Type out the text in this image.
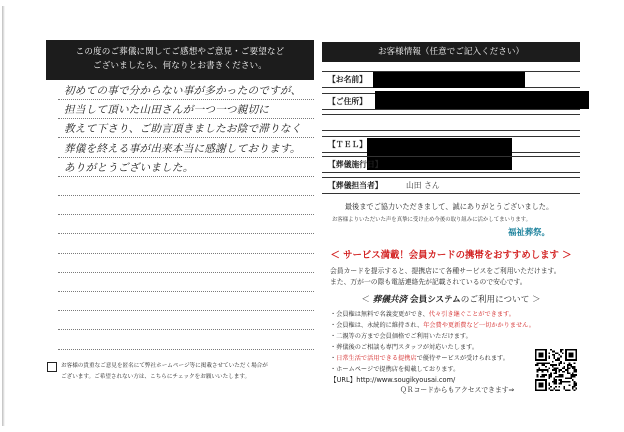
この度のご葬儀に関してご感想やご意見・ご要望など
ございましたら、何なりとお書きください。
初めての事で分からない事が多かったのですが、
担当して頂いた山田さんが一つ一つ親切に
教えて下さり、ご助言頂きましたお陰で滞りなく
葬儀を終える事が出来本当に感謝しております。
ありがとうございました。
お客様の貴重なご意見を匿名にて弊社ホームページ等に掲載させていただく場合が
ございます。ご希望されない方は、こちらにチェックをお願いいたします。
お客様情報（任意でご記入ください）
【お名前】
【ご住所】
【ＴＥＬ】
【葬儀施行日】
【葬儀担当者】	山田 さん
最後までご協力いただきまして、誠にありがとうございました。
お客様よりいただいた声を真摯に受け止め今後の取り組みに活かしてまいります。
福祉葬祭。
＜ サービス満載！会員カードの携帯をおすすめします ＞
会員カードを提示すると、提携店にて各種サービスをご利用いただけます。
また、万が一の際も電話連絡先が記載されているので安心です。
＜ 葬儀共済 会員システムのご利用について ＞
・会員権は無料で名義変更ができ、代々引き継ぐことができます。
・会員権は、永続的に維持され、年会費や更新費など一切かかりません。
・二親等の方まで会員価格でご利用いただけます。
・葬儀後のご相談も専門スタッフが対応いたします。
・日常生活で活用できる提携店で優待サービスが受けられます。
・ホームページで提携店を掲載しております。
【URL】http://www.sougikyousai.com/
ＱＲコードからもアクセスできます⇒
